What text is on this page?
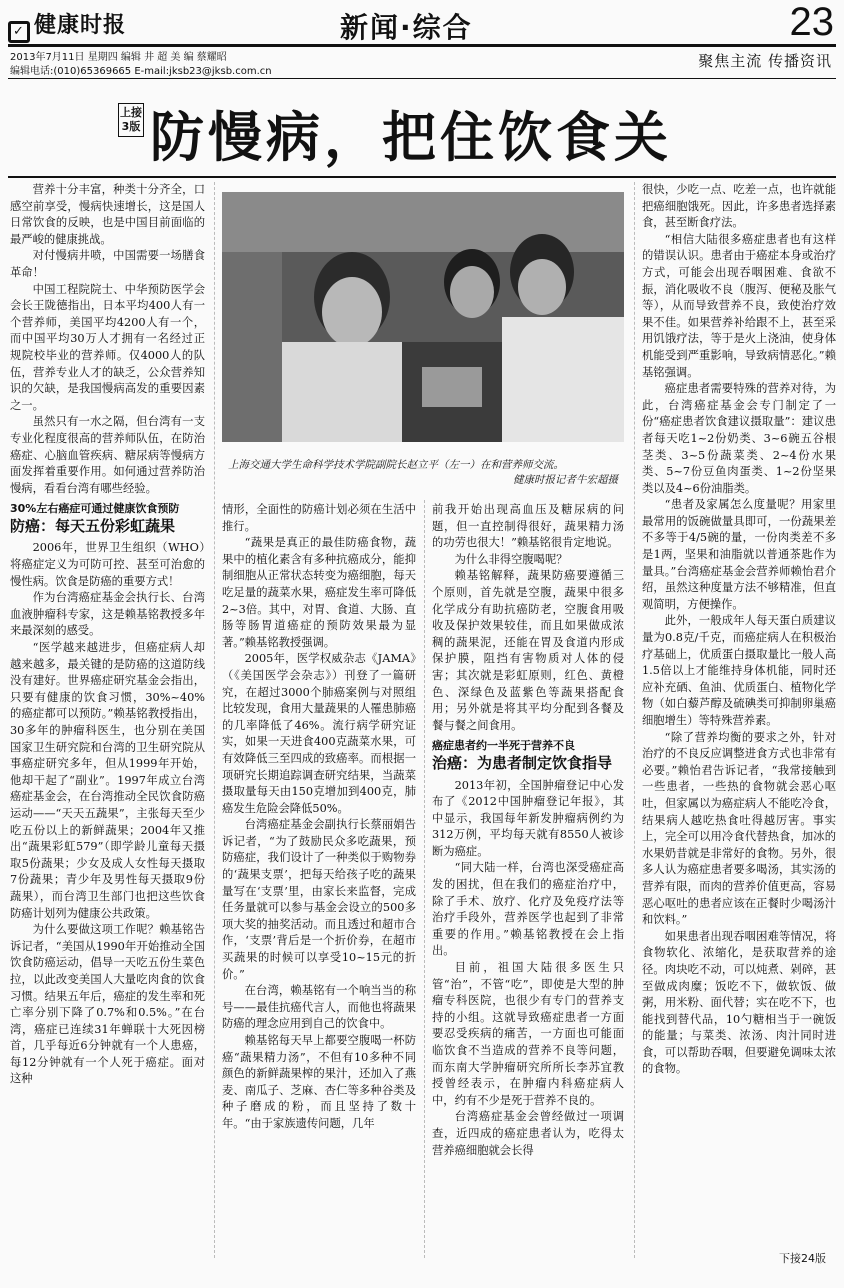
✓ 健康时报	新闻·综合	23
2013年7月11日 星期四 编辑 井 超 美 编 蔡耀昭
编辑电话:(010)65369665 E-mail:jksb23@jksb.com.cn
聚焦主流 传播资讯
上接3版 防慢病，把住饮食关

营养十分丰富，种类十分齐全，口感空前享受，慢病快速增长，这是国人日常饮食的反映，也是中国目前面临的最严峻的健康挑战。

对付慢病井喷，中国需要一场膳食革命！

中国工程院院士、中华预防医学会会长王陇德指出，日本平均400人有一个营养师，美国平均4200人有一个，而中国平均30万人才拥有一名经过正规院校毕业的营养师。仅4000人的队伍，营养专业人才的缺乏，公众营养知识的欠缺，是我国慢病高发的重要因素之一。

虽然只有一水之隔，但台湾有一支专业化程度很高的营养师队伍，在防治癌症、心脑血管疾病、糖尿病等慢病方面发挥着重要作用。如何通过营养防治慢病，看看台湾有哪些经验。

30%左右癌症可通过健康饮食预防
防癌：每天五份彩虹蔬果

2006年，世界卫生组织（WHO）将癌症定义为可防可控、甚至可治愈的慢性病。饮食是防癌的重要方式！

作为台湾癌症基金会执行长、台湾血液肿瘤科专家，这是赖基铭教授多年来最深刻的感受。

“医学越来越进步，但癌症病人却越来越多，最关键的是防癌的这道防线没有建好。世界癌症研究基金会指出，只要有健康的饮食习惯，30%~40%的癌症都可以预防。”赖基铭教授指出，30多年的肿瘤科医生，也分别在美国国家卫生研究院和台湾的卫生研究院从事癌症研究多年，但从1999年开始，他却干起了“副业”。1997年成立台湾癌症基金会，在台湾推动全民饮食防癌运动——“天天五蔬果”，主张每天至少吃五份以上的新鲜蔬果；2004年又推出“蔬果彩虹579”（即学龄儿童每天摄取5份蔬果；少女及成人女性每天摄取7份蔬果；青少年及男性每天摄取9份蔬果），而台湾卫生部门也把这些饮食防癌计划列为健康公共政策。

为什么要做这项工作呢？赖基铭告诉记者，“美国从1990年开始推动全国饮食防癌运动，倡导一天吃五份生菜色拉，以此改变美国人大量吃肉食的饮食习惯。结果五年后，癌症的发生率和死亡率分别下降了0.7%和0.5%。”在台湾，癌症已连续31年蝉联十大死因榜首，几乎每近6分钟就有一个人患癌，每12分钟就有一个人死于癌症。面对这种

上海交通大学生命科学技术学院副院长赵立平（左一）在和营养师交流。
健康时报记者牛宏超摄

情形，全面性的防癌计划必须在生活中推行。

“蔬果是真正的最佳防癌食物，蔬果中的植化素含有多种抗癌成分，能抑制细胞从正常状态转变为癌细胞，每天吃足量的蔬菜水果，癌症发生率可降低2~3倍。其中，对胃、食道、大肠、直肠等肠胃道癌症的预防效果最为显著。”赖基铭教授强调。

2005年，医学权威杂志《JAMA》（《美国医学会杂志》）刊登了一篇研究，在超过3000个肺癌案例与对照组比较发现，食用大量蔬果的人罹患肺癌的几率降低了46%。流行病学研究证实，如果一天进食400克蔬菜水果，可有效降低三至四成的致癌率。而根据一项研究长期追踪调查研究结果，当蔬菜摄取量每天由150克增加到400克，肺癌发生危险会降低50%。

台湾癌症基金会副执行长蔡丽娟告诉记者，“为了鼓励民众多吃蔬果，预防癌症，我们设计了一种类似于购物券的‘蔬果支票’，把每天给孩子吃的蔬果量写在‘支票’里，由家长来监督，完成任务量就可以参与基金会设立的500多项大奖的抽奖活动。而且透过和超市合作，‘支票’背后是一个折价券，在超市买蔬果的时候可以享受10~15元的折价。”

在台湾，赖基铭有一个响当当的称号——最佳抗癌代言人，而他也将蔬果防癌的理念应用到自己的饮食中。

赖基铭每天早上都要空腹喝一杯防癌“蔬果精力汤”，不但有10多种不同颜色的新鲜蔬果榨的果汁，还加入了燕麦、南瓜子、芝麻、杏仁等多种谷类及种子磨成的粉，而且坚持了数十年。“由于家族遗传问题，几年

前我开始出现高血压及糖尿病的问题，但一直控制得很好，蔬果精力汤的功劳也很大！”赖基铭很肯定地说。

为什么非得空腹喝呢？

赖基铭解释，蔬果防癌要遵循三个原则，首先就是空腹，蔬果中很多化学成分有助抗癌防老，空腹食用吸收及保护效果较佳，而且如果做成浓稠的蔬果泥，还能在胃及食道内形成保护膜，阻挡有害物质对人体的侵害；其次就是彩虹原则，红色、黄橙色、深绿色及蓝紫色等蔬果搭配食用；另外就是将其平均分配到各餐及餐与餐之间食用。

癌症患者约一半死于营养不良
治癌：为患者制定饮食指导

2013年初，全国肿瘤登记中心发布了《2012中国肿瘤登记年报》，其中显示，我国每年新发肿瘤病例约为312万例，平均每天就有8550人被诊断为癌症。

“同大陆一样，台湾也深受癌症高发的困扰，但在我们的癌症治疗中，除了手术、放疗、化疗及免疫疗法等治疗手段外，营养医学也起到了非常重要的作用。”赖基铭教授在会上指出。

目前，祖国大陆很多医生只管“治”，不管“吃”，即使是大型的肿瘤专科医院，也很少有专门的营养支持的小组。这就导致癌症患者一方面要忍受疾病的痛苦，一方面也可能面临饮食不当造成的营养不良等问题，而东南大学肿瘤研究所所长李苏宜教授曾经表示，在肿瘤内科癌症病人中，约有不少是死于营养不良的。

台湾癌症基金会曾经做过一项调查，近四成的癌症患者认为，吃得太营养癌细胞就会长得

很快，少吃一点、吃差一点，也许就能把癌细胞饿死。因此，许多患者选择素食，甚至断食疗法。

“相信大陆很多癌症患者也有这样的错误认识。患者由于癌症本身或治疗方式，可能会出现吞咽困难、食欲不振，消化吸收不良（腹泻、便秘及胀气等），从而导致营养不良，致使治疗效果不佳。如果营养补给跟不上，甚至采用饥饿疗法，等于是火上浇油，使身体机能受到严重影响，导致病情恶化。”赖基铭强调。

癌症患者需要特殊的营养对待，为此，台湾癌症基金会专门制定了一份“癌症患者饮食建议摄取量”：建议患者每天吃1~2份奶类、3~6碗五谷根茎类、3~5份蔬菜类、2~4份水果类、5~7份豆鱼肉蛋类、1~2份坚果类以及4~6份油脂类。

“患者及家属怎么度量呢？用家里最常用的饭碗做量具即可，一份蔬果差不多等于4/5碗的量，一份肉类差不多是1两，坚果和油脂就以普通茶匙作为量具。”台湾癌症基金会营养师赖怡君介绍，虽然这种度量方法不够精准，但直观简明，方便操作。

此外，一般成年人每天蛋白质建议量为0.8克/千克，而癌症病人在积极治疗基础上，优质蛋白摄取量比一般人高1.5倍以上才能维持身体机能，同时还应补充硒、鱼油、优质蛋白、植物化学物（如白藜芦醇及硫碘类可抑制卵巢癌细胞增生）等特殊营养素。

“除了营养均衡的要求之外，针对治疗的不良反应调整进食方式也非常有必要。”赖怡君告诉记者，“我常接触到一些患者，一些热的食物就会恶心呕吐，但家属以为癌症病人不能吃冷食，结果病人越吃热食吐得越厉害。事实上，完全可以用冷食代替热食，加冰的水果奶昔就是非常好的食物。另外，很多人认为癌症患者要多喝汤，其实汤的营养有限，而肉的营养价值更高，容易恶心呕吐的患者应该在正餐时少喝汤汁和饮料。”

如果患者出现吞咽困难等情况，将食物软化、浓缩化，是获取营养的途径。肉块吃不动，可以炖煮、剁碎，甚至做成肉糜；饭吃不下，做软饭、做粥，用米粉、面代替；实在吃不下，也能找到替代品，10勺糖相当于一碗饭的能量；与菜类、浓汤、肉汁同时进食，可以帮助吞咽，但要避免调味太浓的食物。

下接24版
